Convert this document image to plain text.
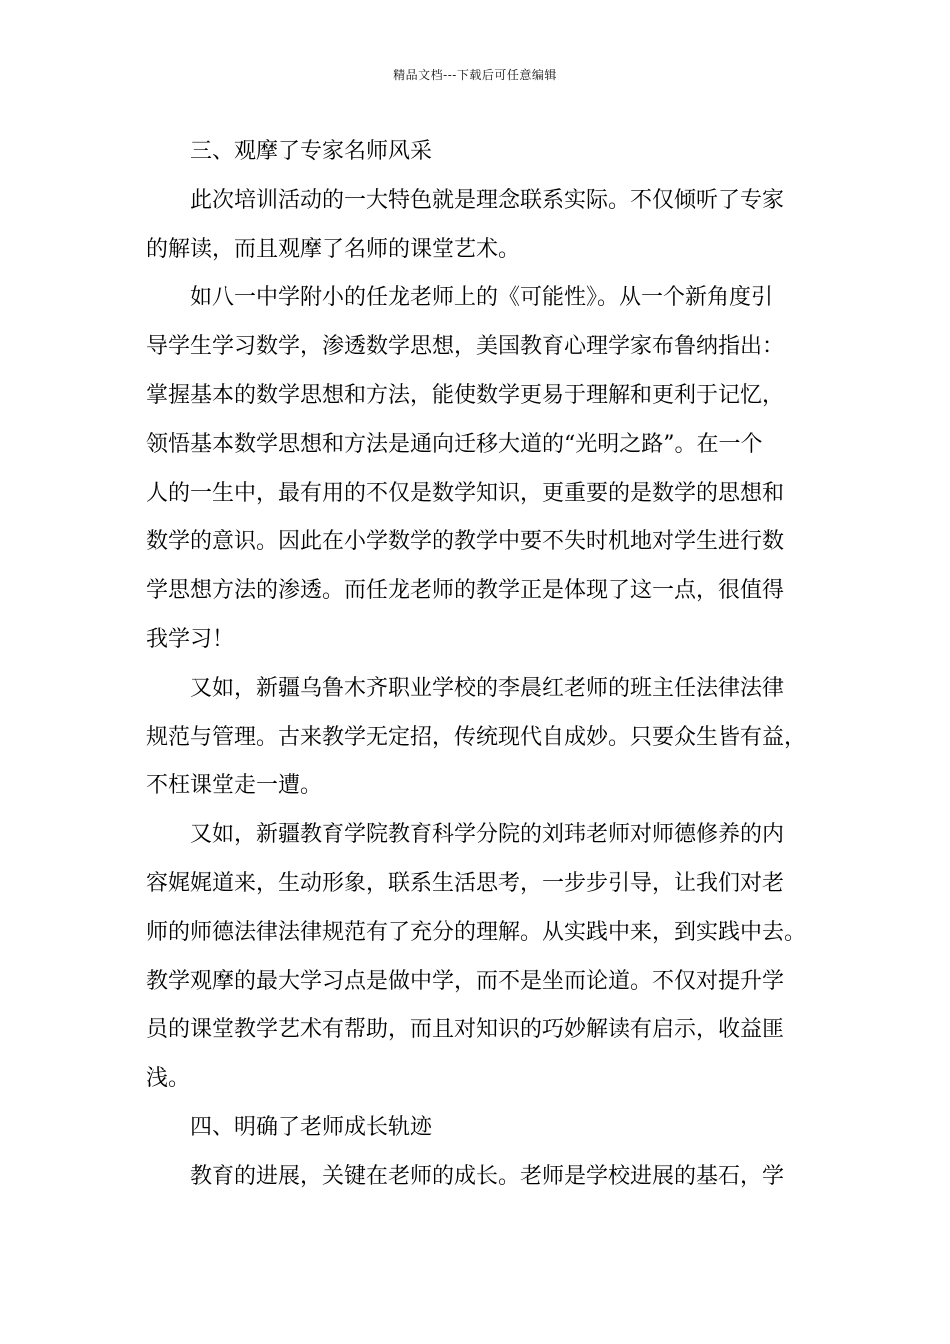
精品文档---下载后可任意编辑
三、观摩了专家名师风采
此次培训活动的一大特色就是理念联系实际。不仅倾听了专家
的解读，而且观摩了名师的课堂艺术。
如八一中学附小的任龙老师上的《可能性》。从一个新角度引
导学生学习数学，渗透数学思想，美国教育心理学家布鲁纳指出：
掌握基本的数学思想和方法，能使数学更易于理解和更利于记忆，
领悟基本数学思想和方法是通向迁移大道的“光明之路”。在一个
人的一生中，最有用的不仅是数学知识，更重要的是数学的思想和
数学的意识。因此在小学数学的教学中要不失时机地对学生进行数
学思想方法的渗透。而任龙老师的教学正是体现了这一点，很值得
我学习！
又如，新疆乌鲁木齐职业学校的李晨红老师的班主任法律法律
规范与管理。古来教学无定招，传统现代自成妙。只要众生皆有益，
不枉课堂走一遭。
又如，新疆教育学院教育科学分院的刘玮老师对师德修养的内
容娓娓道来，生动形象，联系生活思考，一步步引导，让我们对老
师的师德法律法律规范有了充分的理解。从实践中来，到实践中去。
教学观摩的最大学习点是做中学，而不是坐而论道。不仅对提升学
员的课堂教学艺术有帮助，而且对知识的巧妙解读有启示，收益匪
浅。
四、明确了老师成长轨迹
教育的进展，关键在老师的成长。老师是学校进展的基石，学
